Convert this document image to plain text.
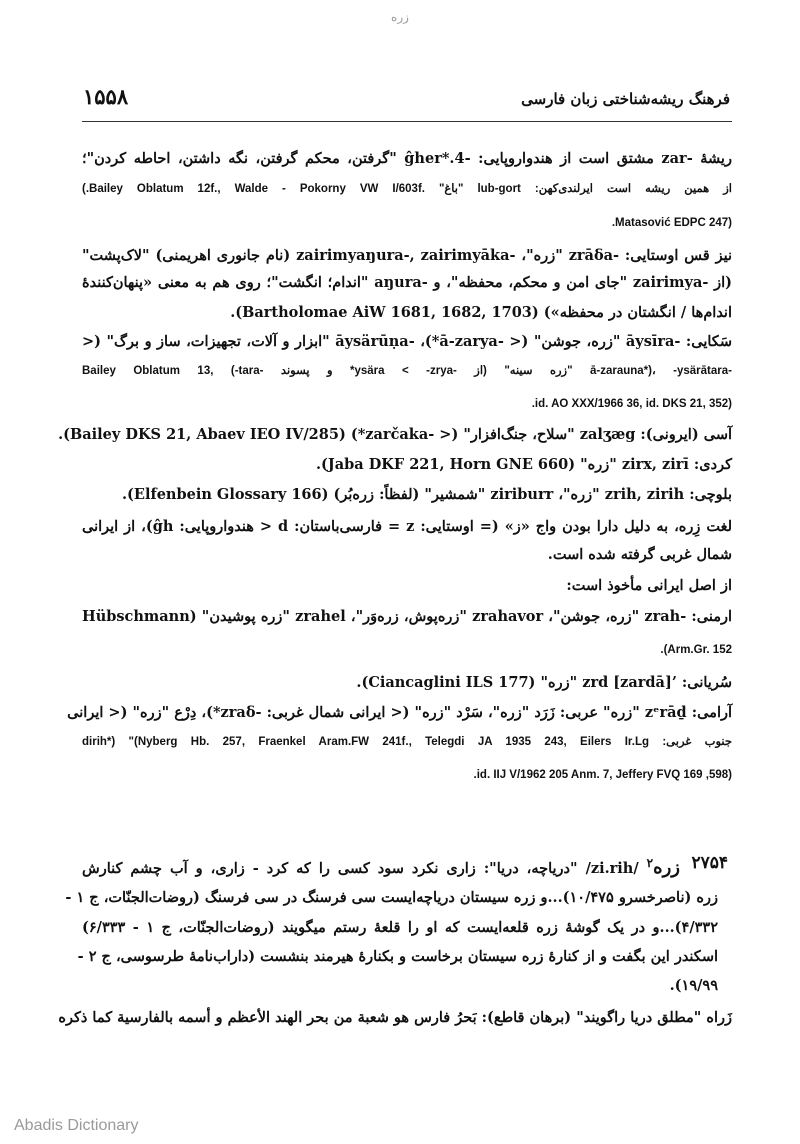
زره
۱۵۵۸	فرهنگ ریشه‌شناختی زبان فارسی
ریشهٔ -zar مشتق است از هندواروپایی: -ĝher*.4 "گرفتن، محکم گرفتن، نگه داشتن، احاطه کردن"؛
از همین ریشه است ایرلندی‌کهن: lub-gort "باغ" .Bailey Oblatum 12f., Walde - Pokorny VW I/603f.)
(Matasović EDPC 247.
نیز قس اوستایی: -zrāδa "زره"، -zairimyaŋura-, zairimyāka (نام جانوری اهریمنی) "لاک‌پشت"
(از -zairimya "جای امن و محکم، محفظه"، و -aŋura "اندام؛ انگشت"؛ روی هم به معنی «پنهان‌کنندهٔ
اندام‌ها / انگشتان در محفظه») (Bartholomae AiW 1681, 1682, 1703).
سَکایی: -āysīra "زره، جوشن" (< -ā-zarya*)، -āysärūṇa "ابزار و آلات، تجهیزات، ساز و برگ" (<
-ā-zarauna*)، -ysärātara "زره سینه" (از -ysära < -zrya* و پسوند -tara-) ,Bailey Oblatum 13
(id. AO XXX/1966 36, id. DKS 21, 352.
آسی (ایرونی): zalӡæg "سلاح، جنگ‌افزار" (< -zarčaka*) (Bailey DKS 21, Abaev IEO IV/285).
کردی: zirx, zirī "زره" (Jaba DKF 221, Horn GNE 660).
بلوچی: zrih, zirih "زره"، ziriburr "شمشیر" (لفظاً: زره‌بُر) (Elfenbein Glossary 166).
لغت زِره، به دلیل دارا بودن واج «ز» (= اوستایی: z = فارسی‌باستان: d < هندواروپایی: ĝh)، از ایرانی
شمال غربی گرفته شده است.
از اصل ایرانی مأخوذ است:
ارمنی: -zrah "زره، جوشن"، zrahavor "زره‌پوش، زره‌وَر"، zrahel "زره پوشیدن" (Hübschmann
Arm.Gr. 152).
سُریانی: ’zrd [zardā] "زره" (Ciancaglini ILS 177).
آرامی: zᵉrāḏ "زره" عربی: زَرَد "زره"، سَرْد "زره" (< ایرانی شمال غربی: -zraδ*)، دِرْع "زره" (< ایرانی
جنوب غربی: dirih*) "(Nyberg Hb. 257, Fraenkel Aram.FW 241f., Telegdi JA 1935 243, Eilers Ir.Lg
(598, id. IIJ V/1962 205 Anm. 7, Jeffery FVQ 169.
زره (ناصرخسرو ۱۰/۴۷۵)...و زره سیستان دریاچه‌ایست سی فرسنگ در سی فرسنگ (روضات‌الجنّات، ج ۱ -
۴/۳۳۲)...و در یک گوشهٔ زره قلعه‌ایست که او را قلعهٔ رستم میگویند (روضات‌الجنّات، ج ۱ - ۶/۳۳۳)
اسکندر این بگفت و از کنارهٔ زره سیستان برخاست و بکنارهٔ هیرمند بنشست (داراب‌نامهٔ طرسوسی، ج ۲ -
۱۹/۹۹).
زَراه "مطلق دریا راگویند" (برهان قاطع): بَحرُ فارس هو شعبة من بحر الهند الأعظم و أسمه بالفارسية كما ذكره
۲۷۵۴
زره$^۲$ /zi.rih/ "دریاچه، دریا": زاری نکرد سود کسی را که کرد - زاری، و آب چشم کنارش
Abadis Dictionary
